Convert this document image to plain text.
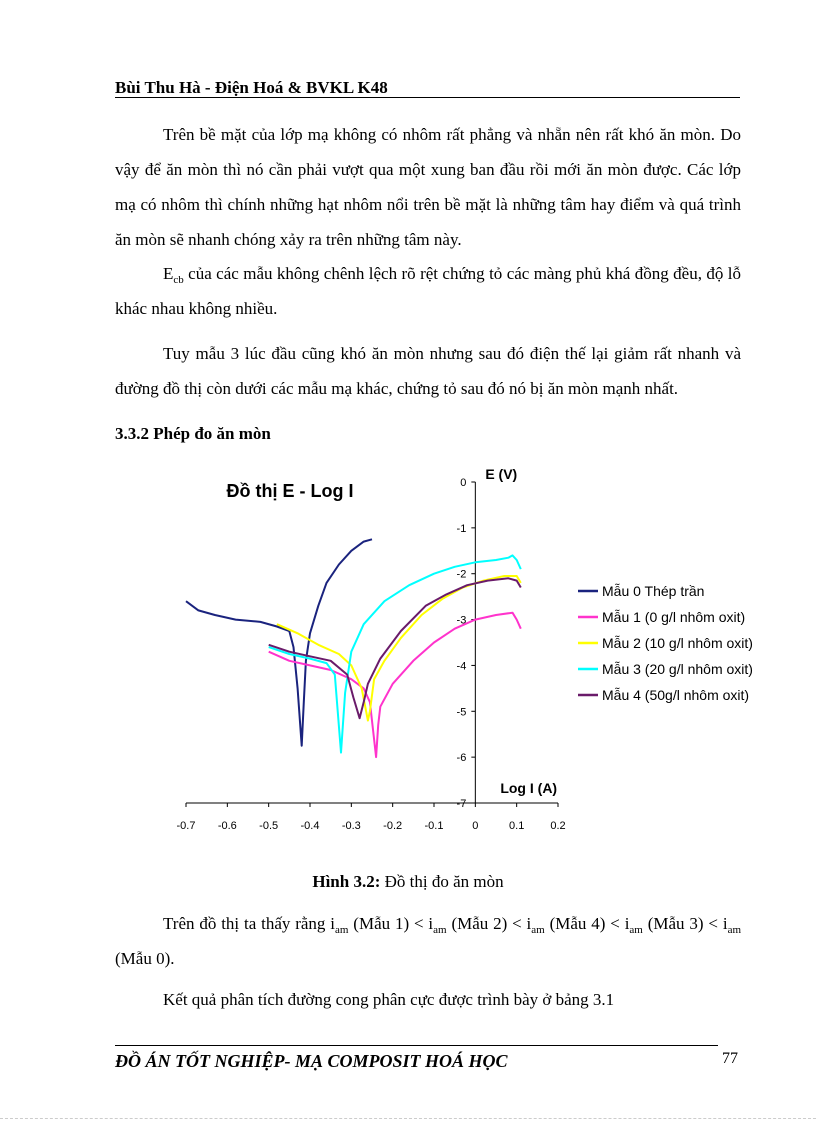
Bùi Thu Hà - Điện Hoá & BVKL K48

Trên bề mặt của lớp mạ không có nhôm rất phẳng và nhẵn nên rất khó ăn mòn. Do vậy để ăn mòn thì nó cần phải vượt qua một xung ban đầu rồi mới ăn mòn được. Các lớp mạ có nhôm thì chính những hạt nhôm nổi trên bề mặt là những tâm hay điểm và quá trình ăn mòn sẽ nhanh chóng xảy ra trên những tâm này.

$E_{cb}$ của các mẫu không chênh lệch rõ rệt chứng tỏ các màng phủ khá đồng đều, độ lỗ khác nhau không nhiều.

Tuy mẫu 3 lúc đầu cũng khó ăn mòn nhưng sau đó điện thế lại giảm rất nhanh và đường đồ thị còn dưới các mẫu mạ khác, chứng tỏ sau đó nó bị ăn mòn mạnh nhất.

3.3.2 Phép đo ăn mòn
-0.7 -0.6 -0.5 -0.4 -0.3 -0.2 -0.1	0	0.1 0.2
0
-1
-2
-3
-4
-5
-6
-7
Đồ thị E - Log I
E (V)
Log I (A)
Mẫu 0 Thép trần
Mẫu 1 (0 g/l nhôm oxit)
Mẫu 2 (10 g/l nhôm oxit)
Mẫu 3 (20 g/l nhôm oxit)
Mẫu 4 (50g/l nhôm oxit)
Hình 3.2: Đồ thị đo ăn mòn

Trên đồ thị ta thấy rằng $i_{am}$ (Mẫu $1) < i_{am}$ (Mẫu $2) < i_{am}$ (Mẫu $4) < i_{am}$ (Mẫu $3) < i_{am}$ (Mẫu 0).

Kết quả phân tích đường cong phân cực được trình bày ở bảng 3.1

ĐỒ ÁN TỐT NGHIỆP- MẠ COMPOSIT HOÁ HỌC	77
